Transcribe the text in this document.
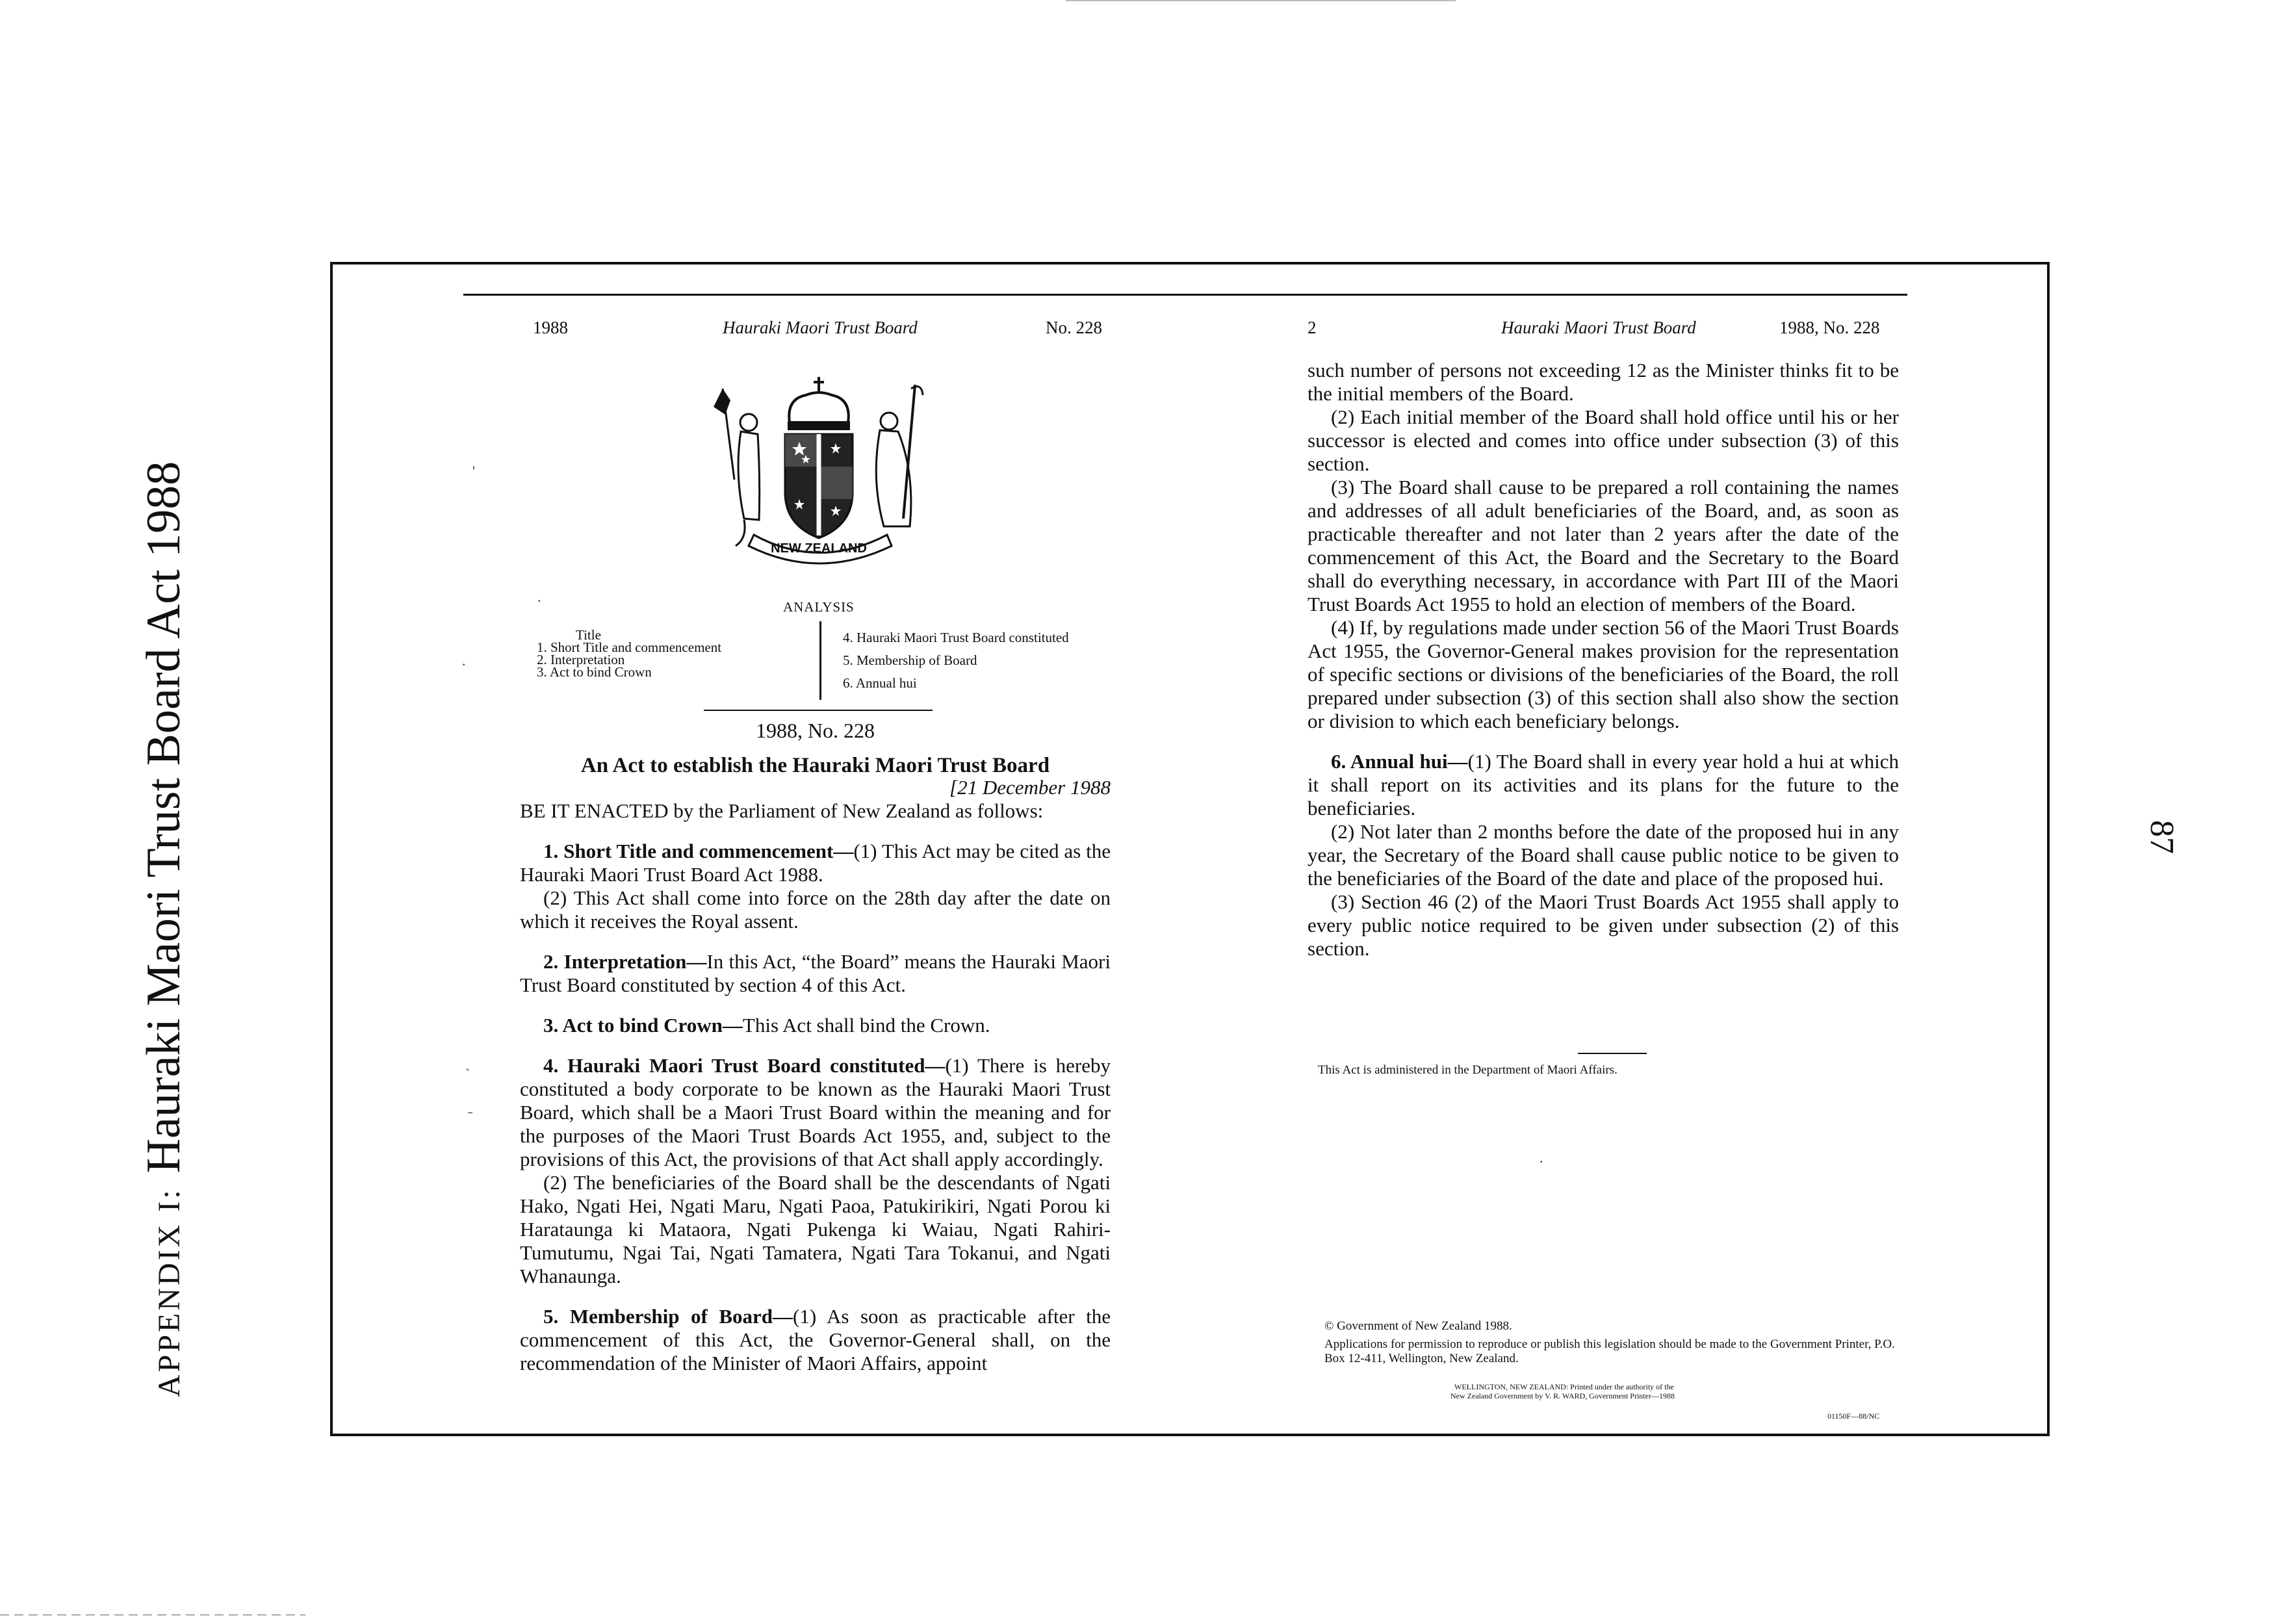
APPENDIX I:Hauraki Maori Trust Board Act 1988	87
1988	Hauraki Maori Trust Board	No. 228	2	Hauraki Maori Trust Board	1988, No. 228
NEW ZEALAND
ANALYSIS
Title
1. Short Title and commencement
2. Interpretation
3. Act to bind Crown
4. Hauraki Maori Trust Board constituted
5. Membership of Board
6. Annual hui

1988, No. 228

An Act to establish the Hauraki Maori Trust Board

[21 December 1988

BE IT ENACTED by the Parliament of New Zealand as follows:

1. Short Title and commencement—(1) This Act may be cited as the Hauraki Maori Trust Board Act 1988.

(2) This Act shall come into force on the 28th day after the date on which it receives the Royal assent.

2. Interpretation—In this Act, “the Board” means the Hauraki Maori Trust Board constituted by section 4 of this Act.

3. Act to bind Crown—This Act shall bind the Crown.

4. Hauraki Maori Trust Board constituted—(1) There is hereby constituted a body corporate to be known as the Hauraki Maori Trust Board, which shall be a Maori Trust Board within the meaning and for the purposes of the Maori Trust Boards Act 1955, and, subject to the provisions of this Act, the provisions of that Act shall apply accordingly.

(2) The beneficiaries of the Board shall be the descendants of Ngati Hako, Ngati Hei, Ngati Maru, Ngati Paoa, Patukirikiri, Ngati Porou ki Harataunga ki Mataora, Ngati Pukenga ki Waiau, Ngati Rahiri-Tumutumu, Ngai Tai, Ngati Tamatera, Ngati Tara Tokanui, and Ngati Whanaunga.

5. Membership of Board—(1) As soon as practicable after the commencement of this Act, the Governor-General shall, on the recommendation of the Minister of Maori Affairs, appoint

such number of persons not exceeding 12 as the Minister thinks fit to be the initial members of the Board.

(2) Each initial member of the Board shall hold office until his or her successor is elected and comes into office under subsection (3) of this section.

(3) The Board shall cause to be prepared a roll containing the names and addresses of all adult beneficiaries of the Board, and, as soon as practicable thereafter and not later than 2 years after the date of the commencement of this Act, the Board and the Secretary to the Board shall do everything necessary, in accordance with Part III of the Maori Trust Boards Act 1955 to hold an election of members of the Board.

(4) If, by regulations made under section 56 of the Maori Trust Boards Act 1955, the Governor-General makes provision for the representation of specific sections or divisions of the beneficiaries of the Board, the roll prepared under subsection (3) of this section shall also show the section or division to which each beneficiary belongs.

6. Annual hui—(1) The Board shall in every year hold a hui at which it shall report on its activities and its plans for the future to the beneficiaries.

(2) Not later than 2 months before the date of the proposed hui in any year, the Secretary of the Board shall cause public notice to be given to the beneficiaries of the Board of the date and place of the proposed hui.

(3) Section 46 (2) of the Maori Trust Boards Act 1955 shall apply to every public notice required to be given under subsection (2) of this section.

This Act is administered in the Department of Maori Affairs.
© Government of New Zealand 1988.
Applications for permission to reproduce or publish this legislation should be made to the Government Printer, P.O. Box 12-411, Wellington, New Zealand.
WELLINGTON, NEW ZEALAND: Printed under the authority of the
New Zealand Government by V. R. WARD, Government Printer—1988
01150F—88/NC
'
·
·
ˋ
ˍ
·
